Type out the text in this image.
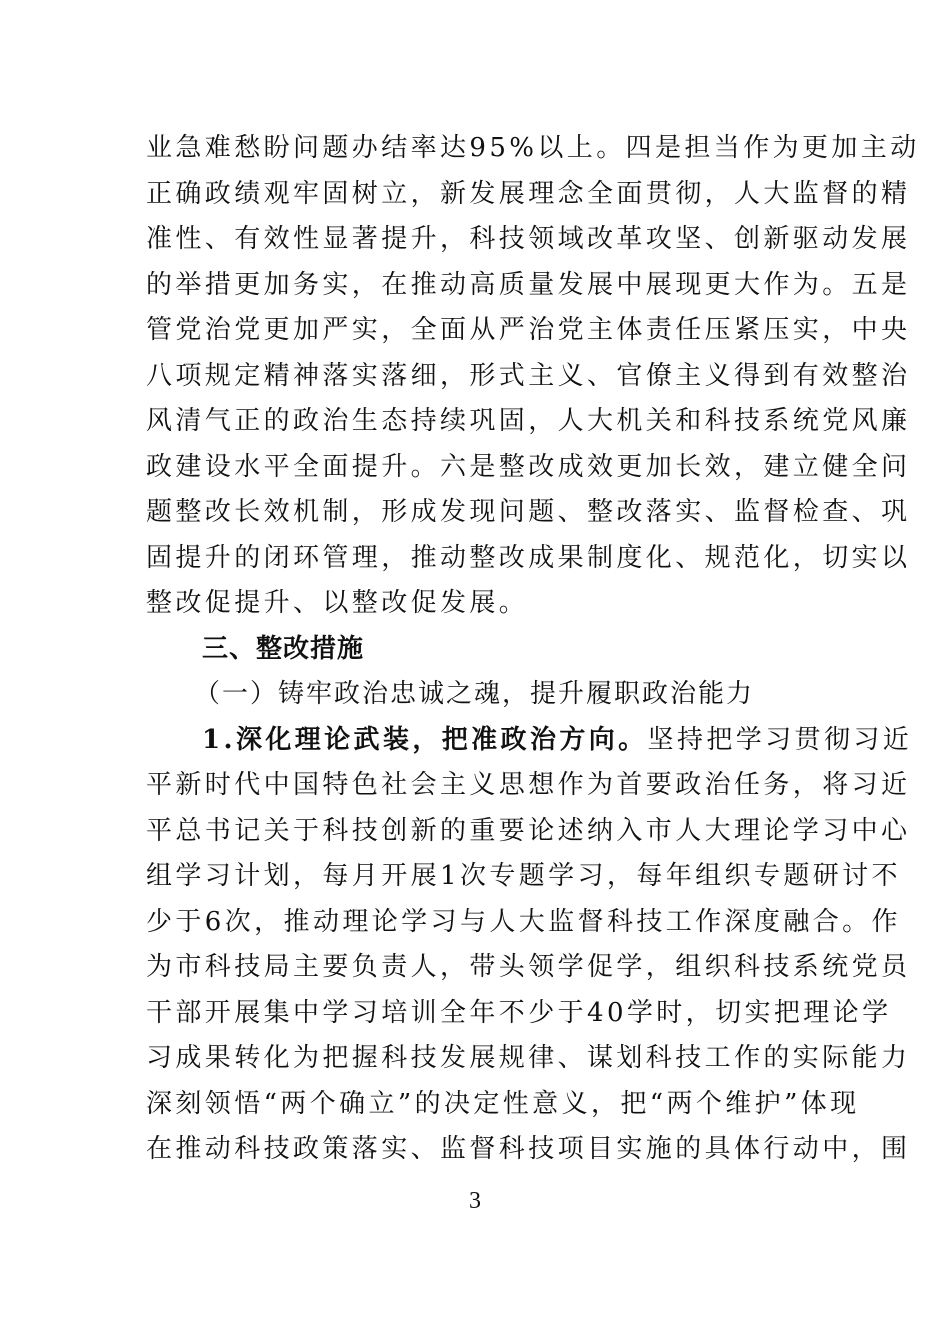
业急难愁盼问题办结率达95%以上。四是担当作为更加主动
正确政绩观牢固树立，新发展理念全面贯彻，人大监督的精
准性、有效性显著提升，科技领域改革攻坚、创新驱动发展
的举措更加务实，在推动高质量发展中展现更大作为。五是
管党治党更加严实，全面从严治党主体责任压紧压实，中央
八项规定精神落实落细，形式主义、官僚主义得到有效整治
风清气正的政治生态持续巩固，人大机关和科技系统党风廉
政建设水平全面提升。六是整改成效更加长效，建立健全问
题整改长效机制，形成发现问题、整改落实、监督检查、巩
固提升的闭环管理，推动整改成果制度化、规范化，切实以
整改促提升、以整改促发展。
三、整改措施
（一）铸牢政治忠诚之魂，提升履职政治能力
1.深化理论武装，把准政治方向。坚持把学习贯彻习近
平新时代中国特色社会主义思想作为首要政治任务，将习近
平总书记关于科技创新的重要论述纳入市人大理论学习中心
组学习计划，每月开展1次专题学习，每年组织专题研讨不
少于6次，推动理论学习与人大监督科技工作深度融合。作
为市科技局主要负责人，带头领学促学，组织科技系统党员
干部开展集中学习培训全年不少于40学时，切实把理论学
习成果转化为把握科技发展规律、谋划科技工作的实际能力
深刻领悟“两个确立”的决定性意义，把“两个维护”体现
在推动科技政策落实、监督科技项目实施的具体行动中，围
3
